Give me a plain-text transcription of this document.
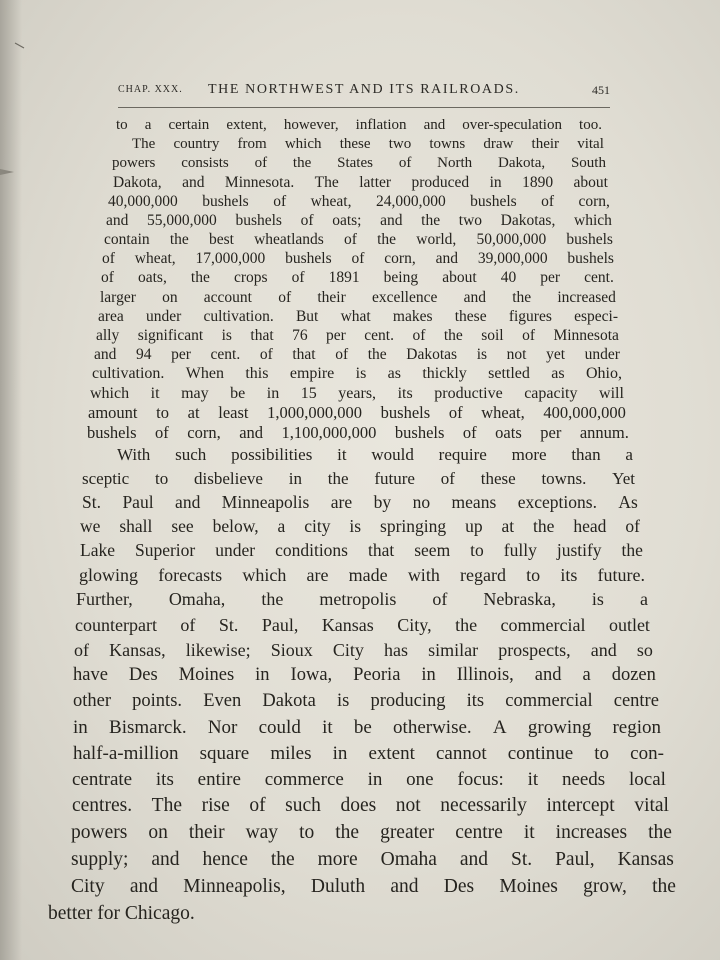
CHAP. XXX. THE NORTHWEST AND ITS RAILROADS.	451
to a certain extent, however, inflation and over-speculation too.
The country from which these two towns draw their vital
powers consists of the States of North Dakota, South
Dakota, and Minnesota. The latter produced in 1890 about
40,000,000 bushels of wheat, 24,000,000 bushels of corn,
and 55,000,000 bushels of oats; and the two Dakotas, which
contain the best wheatlands of the world, 50,000,000 bushels
of wheat, 17,000,000 bushels of corn, and 39,000,000 bushels
of oats, the crops of 1891 being about 40 per cent.
larger on account of their excellence and the increased
area under cultivation. But what makes these figures especi-
ally significant is that 76 per cent. of the soil of Minnesota
and 94 per cent. of that of the Dakotas is not yet under
cultivation. When this empire is as thickly settled as Ohio,
which it may be in 15 years, its productive capacity will
amount to at least 1,000,000,000 bushels of wheat, 400,000,000
bushels of corn, and 1,100,000,000 bushels of oats per annum.
With such possibilities it would require more than a
sceptic to disbelieve in the future of these towns. Yet
St. Paul and Minneapolis are by no means exceptions. As
we shall see below, a city is springing up at the head of
Lake Superior under conditions that seem to fully justify the
glowing forecasts which are made with regard to its future.
Further, Omaha, the metropolis of Nebraska, is a
counterpart of St. Paul, Kansas City, the commercial outlet
of Kansas, likewise; Sioux City has similar prospects, and so
have Des Moines in Iowa, Peoria in Illinois, and a dozen
other points. Even Dakota is producing its commercial centre
in Bismarck. Nor could it be otherwise. A growing region
half-a-million square miles in extent cannot continue to con-
centrate its entire commerce in one focus: it needs local
centres. The rise of such does not necessarily intercept vital
powers on their way to the greater centre it increases the
supply; and hence the more Omaha and St. Paul, Kansas
City and Minneapolis, Duluth and Des Moines grow, the
better for Chicago.
